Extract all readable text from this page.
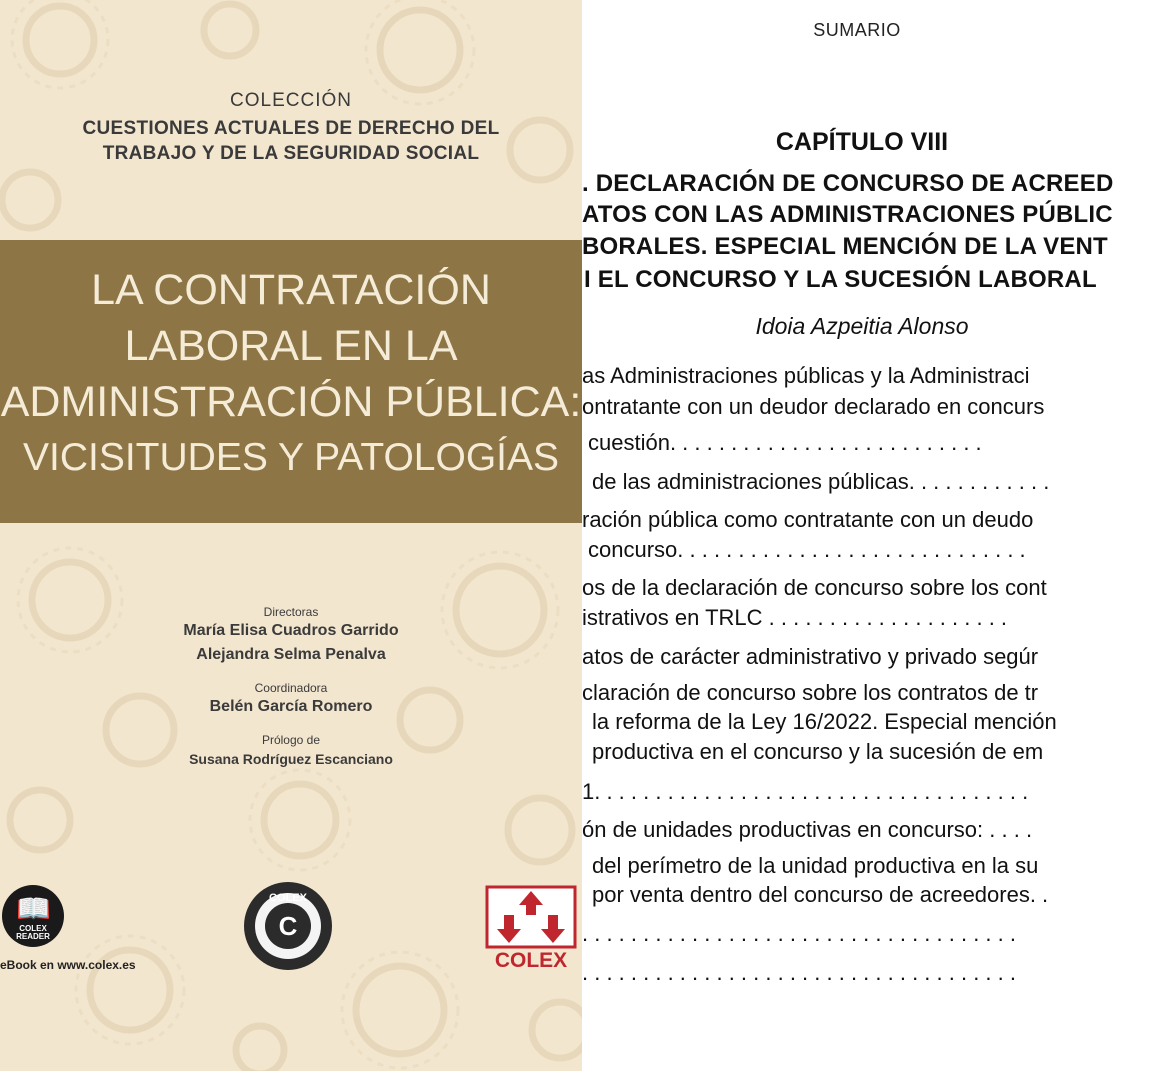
COLECCIÓN
CUESTIONES ACTUALES DE DERECHO DEL
TRABAJO Y DE LA SEGURIDAD SOCIAL
LA CONTRATACIÓN
LABORAL EN LA
ADMINISTRACIÓN PÚBLICA:
VICISITUDES Y PATOLOGÍAS
Directoras
María Elisa Cuadros Garrido
Alejandra Selma Penalva
Coordinadora
Belén García Romero
Prólogo de
Susana Rodríguez Escanciano
📖
COLEX READER
eBook en www.colex.es
COLEX
C
COLEX
SUMARIO
CAPÍTULO VIII
. DECLARACIÓN DE CONCURSO DE ACREED
ATOS CON LAS ADMINISTRACIONES PÚBLIC
BORALES. ESPECIAL MENCIÓN DE LA VENT
I EL CONCURSO Y LA SUCESIÓN LABORAL
Idoia Azpeitia Alonso
as Administraciones públicas y la Administraci
ontratante con un deudor declarado en concurs
cuestión. . . . . . . . . . . . . . . . . . . . . . . . . .
de las administraciones públicas. . . . . . . . . . . .
ración pública como contratante con un deudo
concurso. . . . . . . . . . . . . . . . . . . . . . . . . . . . .
os de la declaración de concurso sobre los cont
istrativos en TRLC . . . . . . . . . . . . . . . . . . . .
atos de carácter administrativo y privado segúr
claración de concurso sobre los contratos de tr
la reforma de la Ley 16/2022. Especial mención
productiva en el concurso y la sucesión de em
1. . . . . . . . . . . . . . . . . . . . . . . . . . . . . . . . . . . .
ón de unidades productivas en concurso: . . . .
del perímetro de la unidad productiva en la su
por venta dentro del concurso de acreedores. .
. . . . . . . . . . . . . . . . . . . . . . . . . . . . . . . . . . . .
. . . . . . . . . . . . . . . . . . . . . . . . . . . . . . . . . . . .
